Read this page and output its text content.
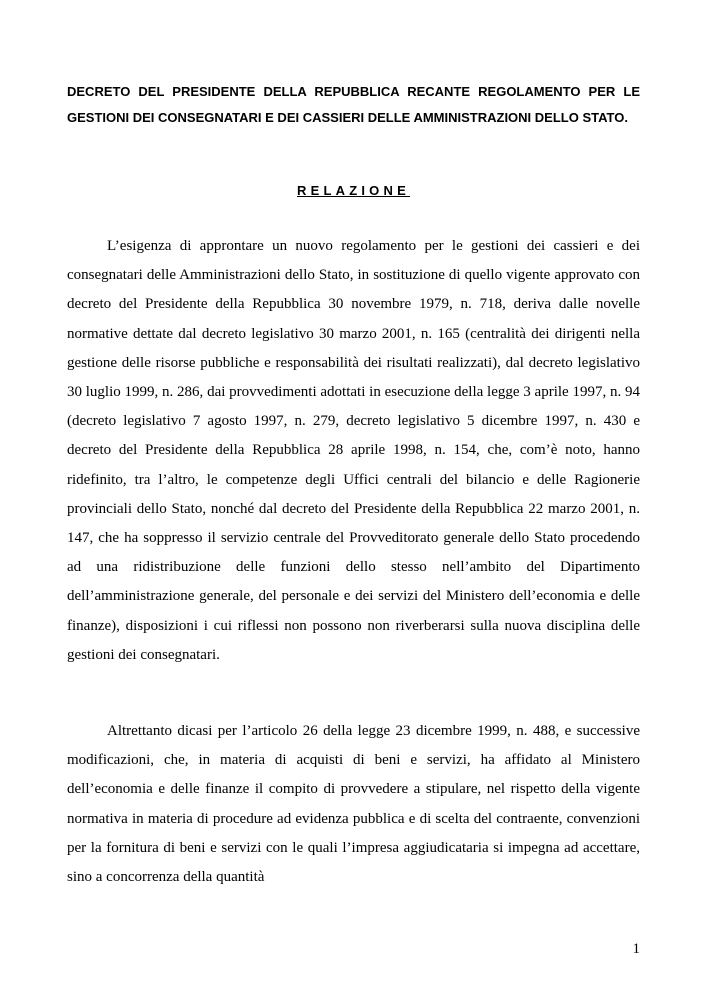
DECRETO DEL PRESIDENTE DELLA REPUBBLICA RECANTE REGOLAMENTO PER LE GESTIONI DEI CONSEGNATARI E DEI CASSIERI DELLE AMMINISTRAZIONI DELLO STATO.

RELAZIONE

L’esigenza di approntare un nuovo regolamento per le gestioni dei cassieri e dei consegnatari delle Amministrazioni dello Stato, in sostituzione di quello vigente approvato con decreto del Presidente della Repubblica 30 novembre 1979, n. 718, deriva dalle novelle normative dettate dal decreto legislativo 30 marzo 2001, n. 165 (centralità dei dirigenti nella gestione delle risorse pubbliche e responsabilità dei risultati realizzati), dal decreto legislativo 30 luglio 1999, n. 286, dai provvedimenti adottati in esecuzione della legge 3 aprile 1997, n. 94 (decreto legislativo 7 agosto 1997, n. 279, decreto legislativo 5 dicembre 1997, n. 430 e decreto del Presidente della Repubblica 28 aprile 1998, n. 154, che, com’è noto, hanno ridefinito, tra l’altro, le competenze degli Uffici centrali del bilancio e delle Ragionerie provinciali dello Stato, nonché dal decreto del Presidente della Repubblica 22 marzo 2001, n. 147, che ha soppresso il servizio centrale del Provveditorato generale dello Stato procedendo ad una ridistribuzione delle funzioni dello stesso nell’ambito del Dipartimento dell’amministrazione generale, del personale e dei servizi del Ministero dell’economia e delle finanze), disposizioni i cui riflessi non possono non riverberarsi sulla nuova disciplina delle gestioni dei consegnatari.

Altrettanto dicasi per l’articolo 26 della legge 23 dicembre 1999, n. 488, e successive modificazioni, che, in materia di acquisti di beni e servizi, ha affidato al Ministero dell’economia e delle finanze il compito di provvedere a stipulare, nel rispetto della vigente normativa in materia di procedure ad evidenza pubblica e di scelta del contraente, convenzioni per la fornitura di beni e servizi con le quali l’impresa aggiudicataria si impegna ad accettare, sino a concorrenza della quantità

1
